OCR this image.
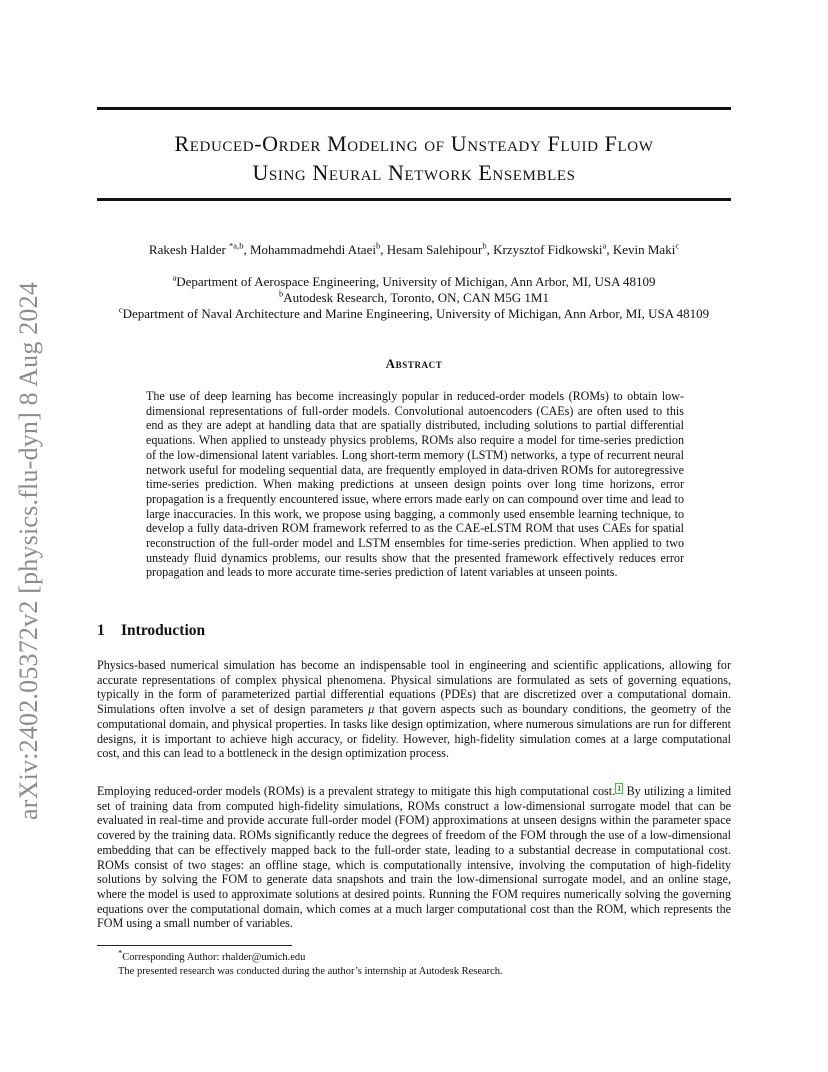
arXiv:2402.05372v2 [physics.flu-dyn] 8 Aug 2024
Reduced-Order Modeling of Unsteady Fluid Flow
Using Neural Network Ensembles
Rakesh Halder $^{*a,b}$, Mohammadmehdi Ataei$^b$, Hesam Salehipour$^b$, Krzysztof Fidkowski$^a$, Kevin Maki$^c$
$^a$Department of Aerospace Engineering, University of Michigan, Ann Arbor, MI, USA 48109
$^b$Autodesk Research, Toronto, ON, CAN M5G 1M1
$^c$Department of Naval Architecture and Marine Engineering, University of Michigan, Ann Arbor, MI, USA 48109
Abstract
The use of deep learning has become increasingly popular in reduced-order models (ROMs) to obtain low-dimensional representations of full-order models. Convolutional autoencoders (CAEs) are often used to this end as they are adept at handling data that are spatially distributed, including solutions to partial differential equations. When applied to unsteady physics problems, ROMs also require a model for time-series prediction of the low-dimensional latent variables. Long short-term memory (LSTM) networks, a type of recurrent neural network useful for modeling sequential data, are frequently employed in data-driven ROMs for autoregressive time-series prediction. When making predictions at unseen design points over long time horizons, error propagation is a frequently encountered issue, where errors made early on can compound over time and lead to large inaccuracies. In this work, we propose using bagging, a commonly used ensemble learning technique, to develop a fully data-driven ROM framework referred to as the CAE-eLSTM ROM that uses CAEs for spatial reconstruction of the full-order model and LSTM ensembles for time-series prediction. When applied to two unsteady fluid dynamics problems, our results show that the presented framework effectively reduces error propagation and leads to more accurate time-series prediction of latent variables at unseen points.
1 Introduction
Physics-based numerical simulation has become an indispensable tool in engineering and scientific applications, allowing for accurate representations of complex physical phenomena. Physical simulations are formulated as sets of governing equations, typically in the form of parameterized partial differential equations (PDEs) that are discretized over a computational domain. Simulations often involve a set of design parameters μ that govern aspects such as boundary conditions, the geometry of the computational domain, and physical properties. In tasks like design optimization, where numerous simulations are run for different designs, it is important to achieve high accuracy, or fidelity. However, high-fidelity simulation comes at a large computational cost, and this can lead to a bottleneck in the design optimization process.
Employing reduced-order models (ROMs) is a prevalent strategy to mitigate this high computational cost. 1 By utilizing a limited set of training data from computed high-fidelity simulations, ROMs construct a low-dimensional surrogate model that can be evaluated in real-time and provide accurate full-order model (FOM) approximations at unseen designs within the parameter space covered by the training data. ROMs significantly reduce the degrees of freedom of the FOM through the use of a low-dimensional embedding that can be effectively mapped back to the full-order state, leading to a substantial decrease in computational cost. ROMs consist of two stages: an offline stage, which is computationally intensive, involving the computation of high-fidelity solutions by solving the FOM to generate data snapshots and train the low-dimensional surrogate model, and an online stage, where the model is used to approximate solutions at desired points. Running the FOM requires numerically solving the governing equations over the computational domain, which comes at a much larger computational cost than the ROM, which represents the FOM using a small number of variables.
*Corresponding Author: rhalder@umich.edu
The presented research was conducted during the author’s internship at Autodesk Research.
